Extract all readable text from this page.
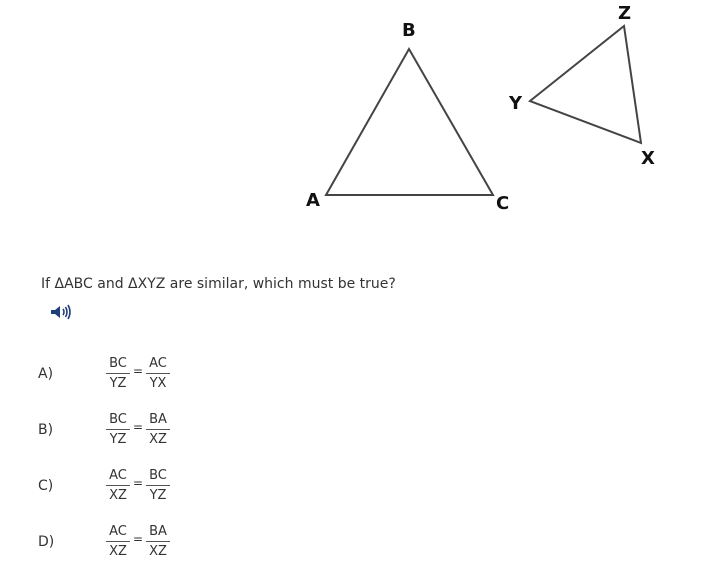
B
A	C
Z
Y
X
If ΔABC and ΔXYZ are similar, which must be true?
A)	$\frac{BC}{YZ} = \frac{AC}{YX}$
B)	$\frac{BC}{YZ} = \frac{BA}{XZ}$
C)	$\frac{AC}{XZ} = \frac{BC}{YZ}$
D)	$\frac{AC}{XZ} = \frac{BA}{XZ}$
